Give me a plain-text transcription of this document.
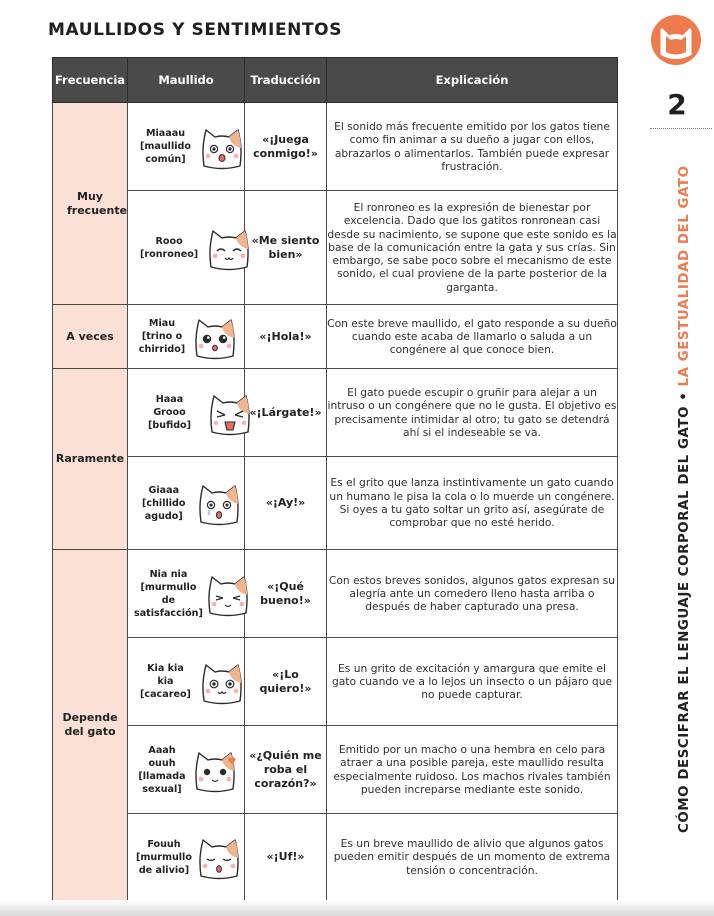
MAULLIDOS Y SENTIMIENTOS
2
CÓMO DESCIFRAR EL LENGUAJE CORPORAL DEL GATO • LA GESTUALIDAD DEL GATO
Frecuencia	Maullido	Traducción	Explicación
Muy frecuente	Miaaau [maullido común]	«¡Juega conmigo!»	El sonido más frecuente emitido por los gatos tiene como fin animar a su dueño a jugar con ellos, abrazarlos o alimentarlos. También puede expresar frustración.

	Rooo [ronroneo]	«Me siento bien»	El ronroneo es la expresión de bienestar por excelencia. Dado que los gatitos ronronean casi desde su nacimiento, se supone que este sonido es la base de la comunicación entre la gata y sus crías. Sin embargo, se sabe poco sobre el mecanismo de este sonido, el cual proviene de la parte posterior de la garganta.
A veces	Miau [trino o chirrido]	«¡Hola!»	Con este breve maullido, el gato responde a su dueño cuando este acaba de llamarlo o saluda a un congénere al que conoce bien.
Raramente	Haaa Grooo [bufido]	«¡Lárgate!»	El gato puede escupir o gruñir para alejar a un intruso o un congénere que no le gusta. El objetivo es precisamente intimidar al otro; tu gato se detendrá ahí si el indeseable se va.

	Giaaa [chillido agudo]	«¡Ay!»	Es el grito que lanza instintivamente un gato cuando un humano le pisa la cola o lo muerde un congénere. Si oyes a tu gato soltar un grito así, asegúrate de comprobar que no esté herido.
Depende del gato	Nia nia [murmullo de satisfacción]	«¡Qué bueno!»	Con estos breves sonidos, algunos gatos expresan su alegría ante un comedero lleno hasta arriba o después de haber capturado una presa.

	Kia kia kia [cacareo]	«¡Lo quiero!»	Es un grito de excitación y amargura que emite el gato cuando ve a lo lejos un insecto o un pájaro que no puede capturar.

	Aaah ouuh [llamada sexual]	«¿Quién me roba el corazón?»	Emitido por un macho o una hembra en celo para atraer a una posible pareja, este maullido resulta especialmente ruidoso. Los machos rivales también pueden increparse mediante este sonido.

	Fouuh [murmullo de alivio]	«¡Uf!»	Es un breve maullido de alivio que algunos gatos pueden emitir después de un momento de extrema tensión o concentración.
